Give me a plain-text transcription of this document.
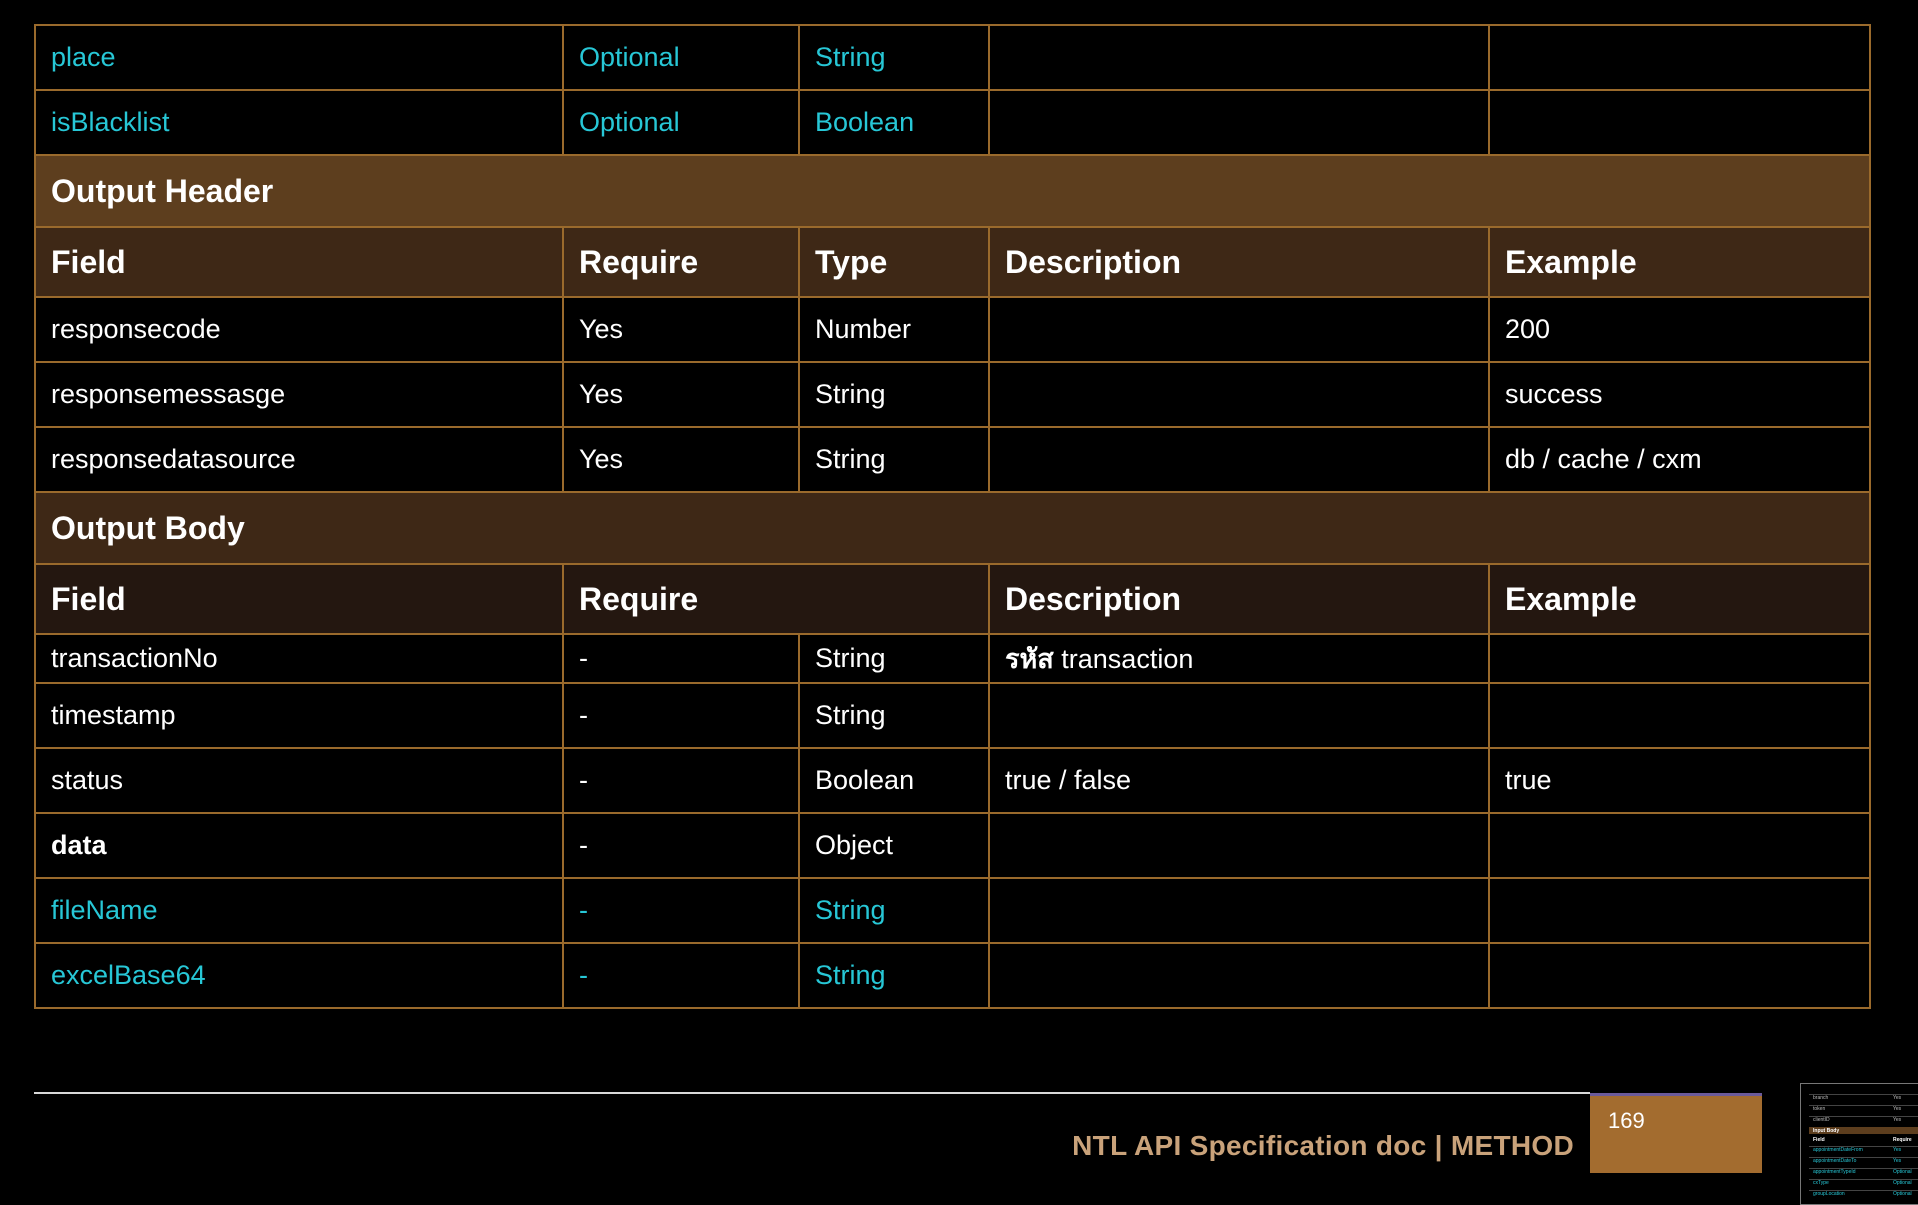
place	Optional	String		
isBlacklist	Optional	Boolean		
Output Header				
Field	Require	Type	Description	Example
responsecode	Yes	Number		200
responsemessasge	Yes	String		success
responsedatasource	Yes	String		db / cache / cxm
Output Body				
Field	Require		Description	Example
transactionNo	-	String	รหัส transaction	
timestamp	-	String		
status	-	Boolean	true / false	true
data	-	Object		
fileName	-	String		
excelBase64	-	String		
NTL API Specification doc | METHOD
169
branch	Yes
token	Yes
clientID	Yes
Input Body
Field	Require
appointmentDateFrom	Yes
appointmentDateTo	Yes
appointmentTypeId	Optional
cxType	Optional
groupLocation	Optional
